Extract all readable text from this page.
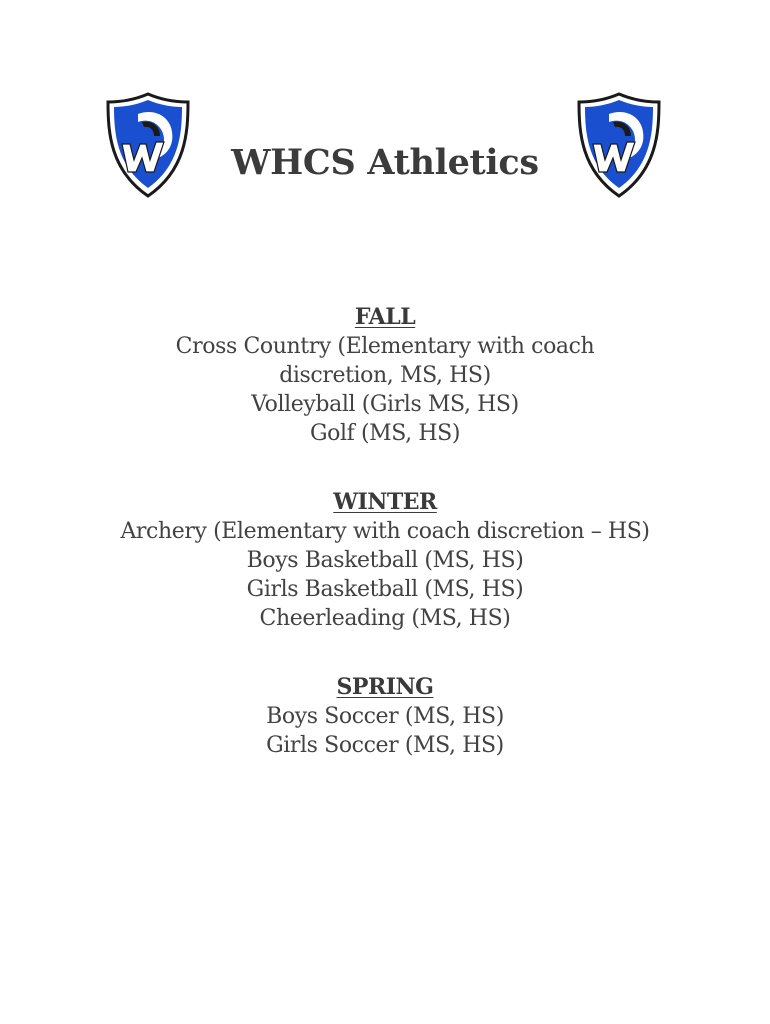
WHCS Athletics
FALL
Cross Country (Elementary with coach discretion, MS, HS)
Volleyball (Girls MS, HS)
Golf (MS, HS)
WINTER
Archery (Elementary with coach discretion – HS)
Boys Basketball (MS, HS)
Girls Basketball (MS, HS)
Cheerleading (MS, HS)
SPRING
Boys Soccer (MS, HS)
Girls Soccer (MS, HS)
